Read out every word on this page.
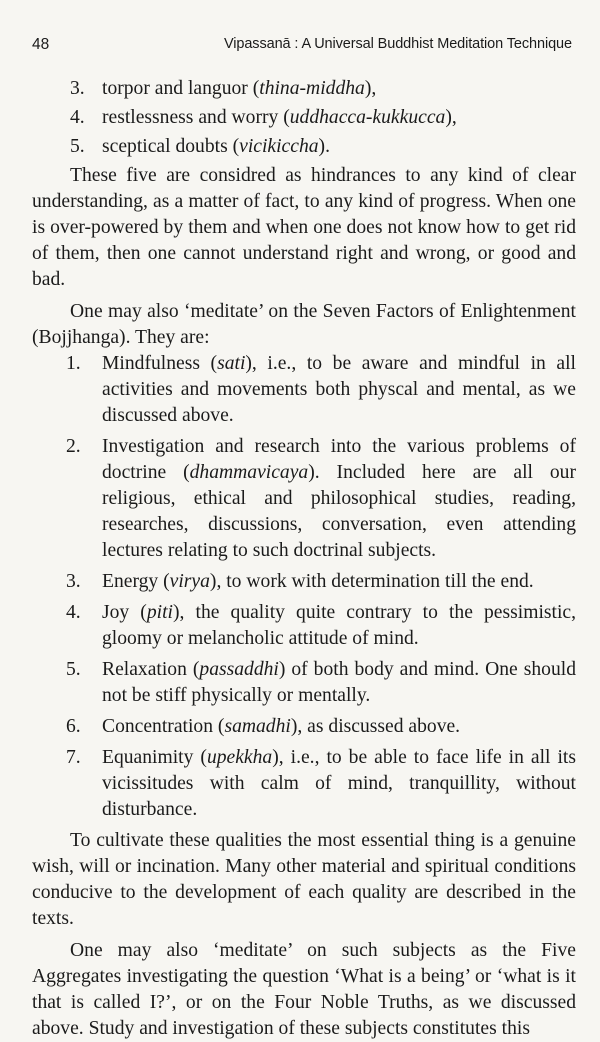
48	Vipassanā : A Universal Buddhist Meditation Technique
3. torpor and languor (thina-middha),
4. restlessness and worry (uddhacca-kukkucca),
5. sceptical doubts (vicikiccha).

These five are considred as hindrances to any kind of clear understanding, as a matter of fact, to any kind of progress. When one is over-powered by them and when one does not know how to get rid of them, then one cannot understand right and wrong, or good and bad.

One may also ‘meditate’ on the Seven Factors of Enlightenment (Bojjhanga). They are:

1.	Mindfulness (sati), i.e., to be aware and mindful in all activities and movements both physcal and mental, as we discussed above.
2.	Investigation and research into the various problems of doctrine (dhammavicaya). Included here are all our religious, ethical and philosophical studies, reading, researches, discussions, conversation, even attending lectures relating to such doctrinal subjects.
3.	Energy (virya), to work with determination till the end.
4.	Joy (piti), the quality quite contrary to the pessimistic, gloomy or melancholic attitude of mind.
5.	Relaxation (passaddhi) of both body and mind. One should not be stiff physically or mentally.
6.	Concentration (samadhi), as discussed above.
7.	Equanimity (upekkha), i.e., to be able to face life in all its vicissitudes with calm of mind, tranquillity, without disturbance.

To cultivate these qualities the most essential thing is a genuine wish, will or incination. Many other material and spiritual conditions conducive to the development of each quality are described in the texts.

One may also ‘meditate’ on such subjects as the Five Aggregates investigating the question ‘What is a being’ or ‘what is it that is called I?’, or on the Four Noble Truths, as we discussed above. Study and investigation of these subjects constitutes this
